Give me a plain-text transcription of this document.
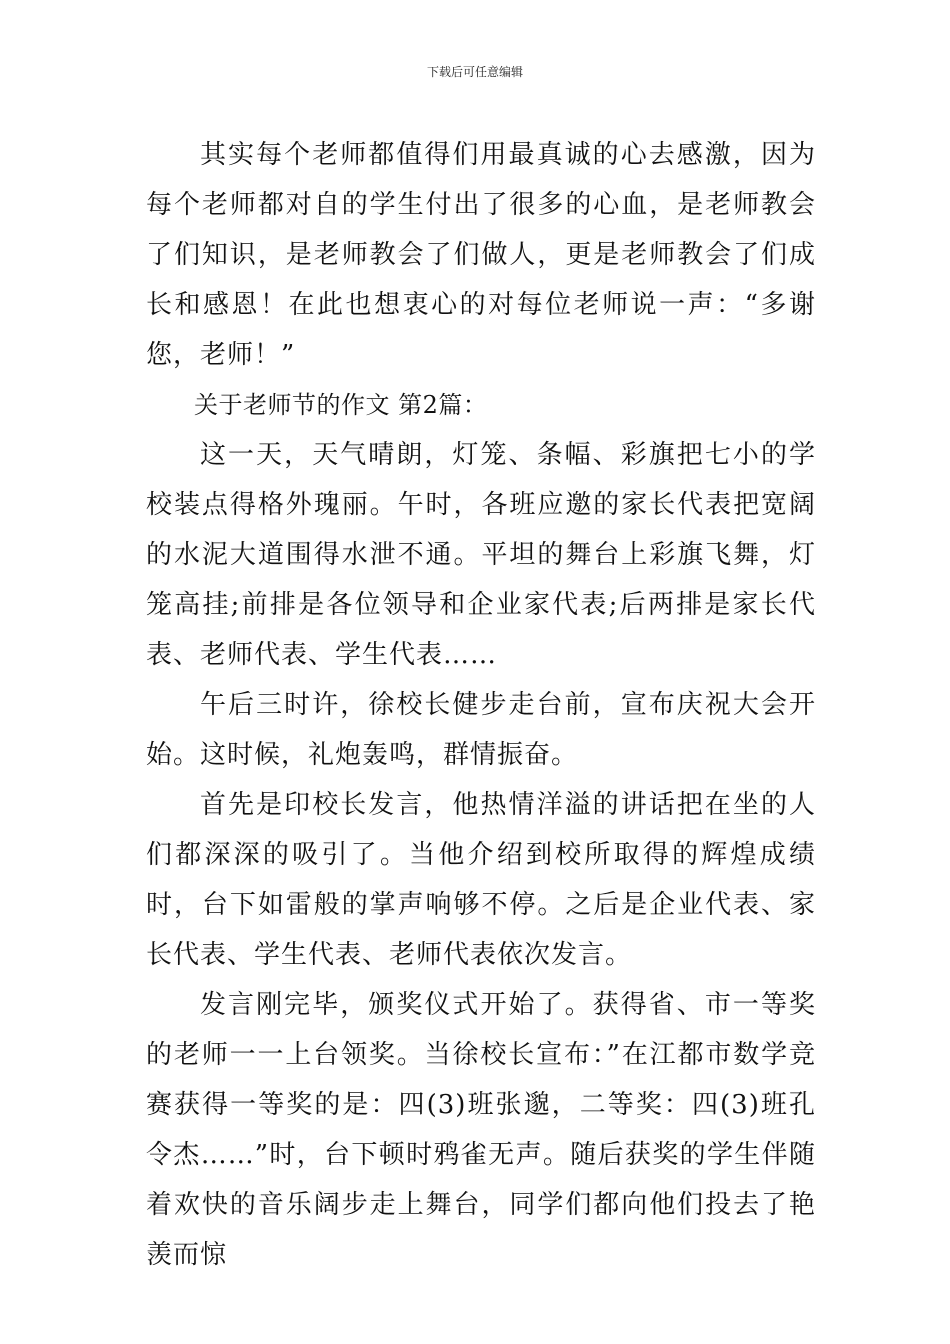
下载后可任意编辑

其实每个老师都值得们用最真诚的心去感激，因为每个老师都对自的学生付出了很多的心血，是老师教会了们知识，是老师教会了们做人，更是老师教会了们成长和感恩！在此也想衷心的对每位老师说一声：“多谢您，老师！”

关于老师节的作文 第2篇：

这一天，天气晴朗，灯笼、条幅、彩旗把七小的学校装点得格外瑰丽。午时，各班应邀的家长代表把宽阔的水泥大道围得水泄不通。平坦的舞台上彩旗飞舞，灯笼高挂;前排是各位领导和企业家代表;后两排是家长代表、老师代表、学生代表……

午后三时许，徐校长健步走台前，宣布庆祝大会开始。这时候，礼炮轰鸣，群情振奋。

首先是印校长发言，他热情洋溢的讲话把在坐的人们都深深的吸引了。当他介绍到校所取得的辉煌成绩时，台下如雷般的掌声响够不停。之后是企业代表、家长代表、学生代表、老师代表依次发言。

发言刚完毕，颁奖仪式开始了。获得省、市一等奖的老师一一上台领奖。当徐校长宣布：”在江都市数学竞赛获得一等奖的是：四(3)班张邈，二等奖：四(3)班孔令杰……”时，台下顿时鸦雀无声。随后获奖的学生伴随着欢快的音乐阔步走上舞台，同学们都向他们投去了艳羡而惊
